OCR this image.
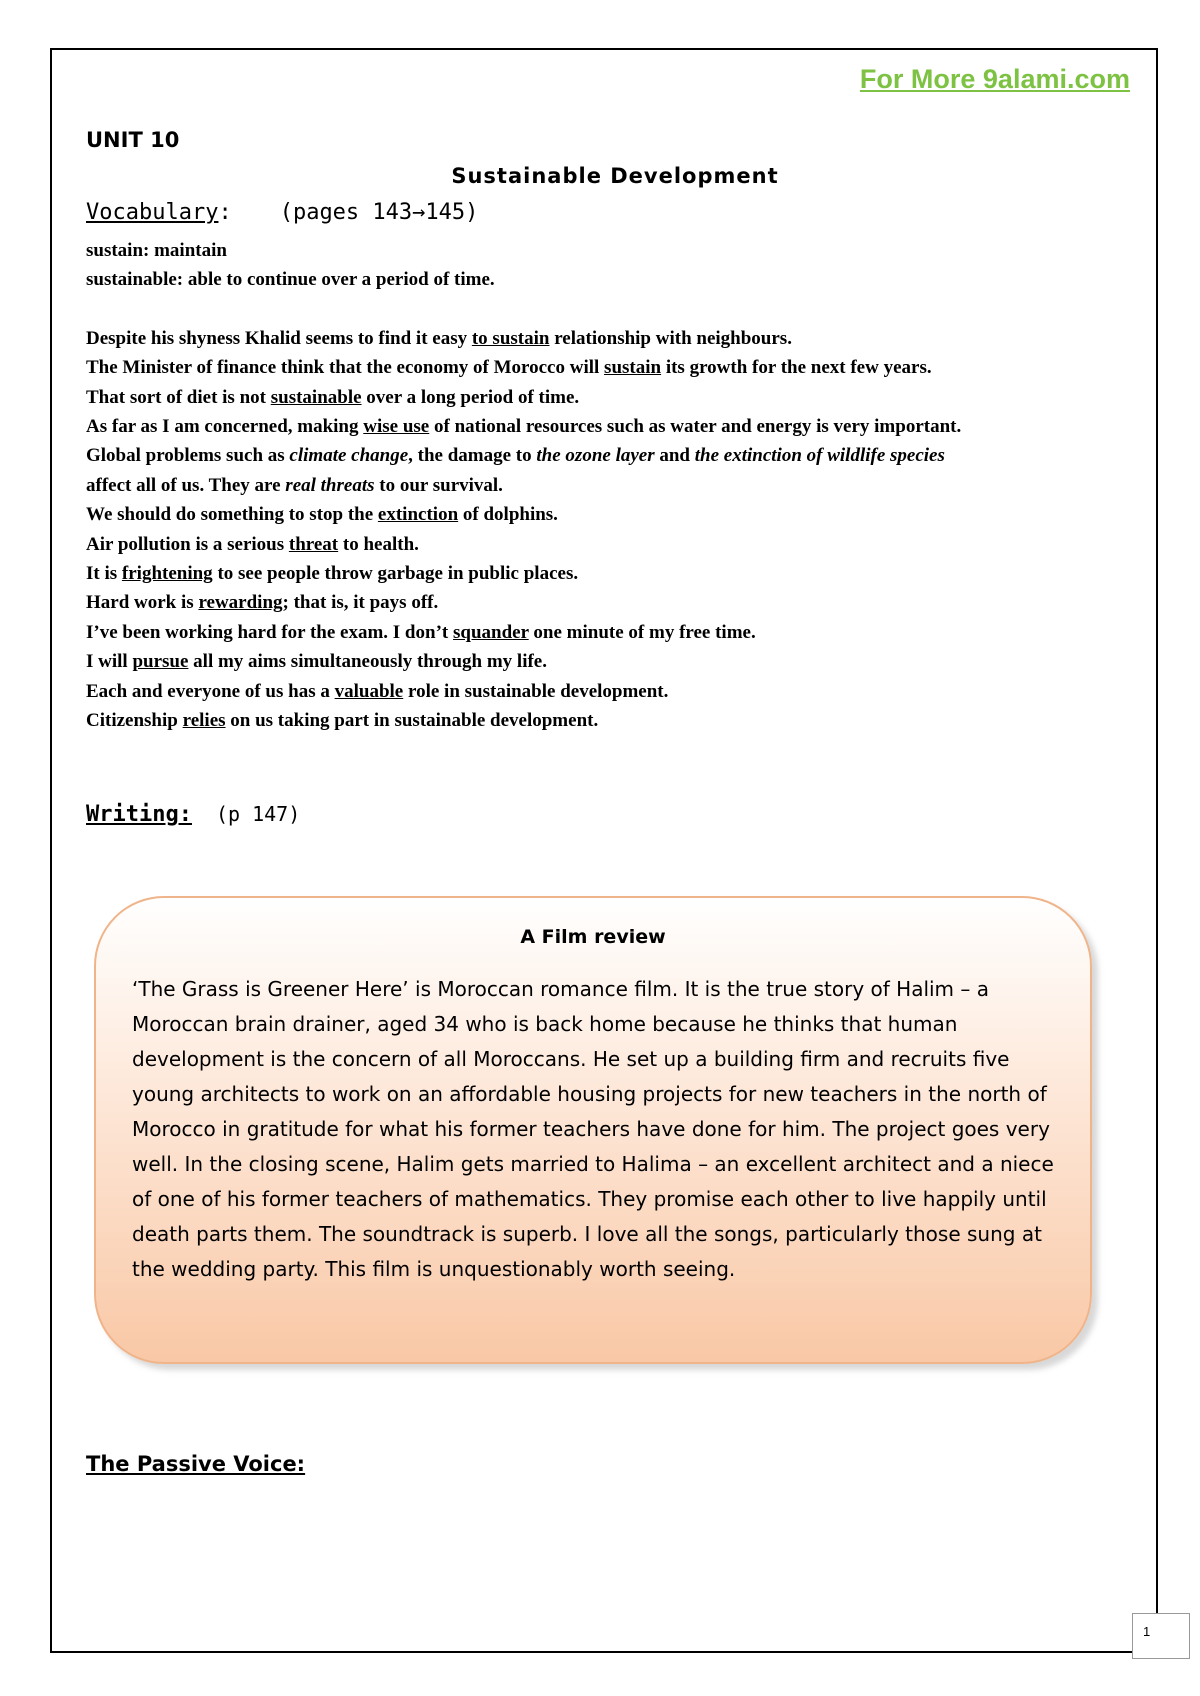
For More 9alami.com
UNIT 10
Sustainable Development
Vocabulary: (pages 143→145)
sustain: maintain
sustainable: able to continue over a period of time.
Despite his shyness Khalid seems to find it easy to sustain relationship with neighbours.
The Minister of finance think that the economy of Morocco will sustain its growth for the next few years.
That sort of diet is not sustainable over a long period of time.
As far as I am concerned, making wise use of national resources such as water and energy is very important.
Global problems such as climate change, the damage to the ozone layer and the extinction of wildlife species
affect all of us. They are real threats to our survival.
We should do something to stop the extinction of dolphins.
Air pollution is a serious threat to health.
It is frightening to see people throw garbage in public places.
Hard work is rewarding; that is, it pays off.
I’ve been working hard for the exam. I don’t squander one minute of my free time.
I will pursue all my aims simultaneously through my life.
Each and everyone of us has a valuable role in sustainable development.
Citizenship relies on us taking part in sustainable development.
Writing: (p 147)
A Film review
‘The Grass is Greener Here’ is Moroccan romance film. It is the true story of Halim – a Moroccan brain drainer, aged 34 who is back home because he thinks that human development is the concern of all Moroccans. He set up a building firm and recruits five young architects to work on an affordable housing projects for new teachers in the north of Morocco in gratitude for what his former teachers have done for him. The project goes very well. In the closing scene, Halim gets married to Halima – an excellent architect and a niece of one of his former teachers of mathematics. They promise each other to live happily until death parts them. The soundtrack is superb. I love all the songs, particularly those sung at the wedding party. This film is unquestionably worth seeing.
The Passive Voice:
1
